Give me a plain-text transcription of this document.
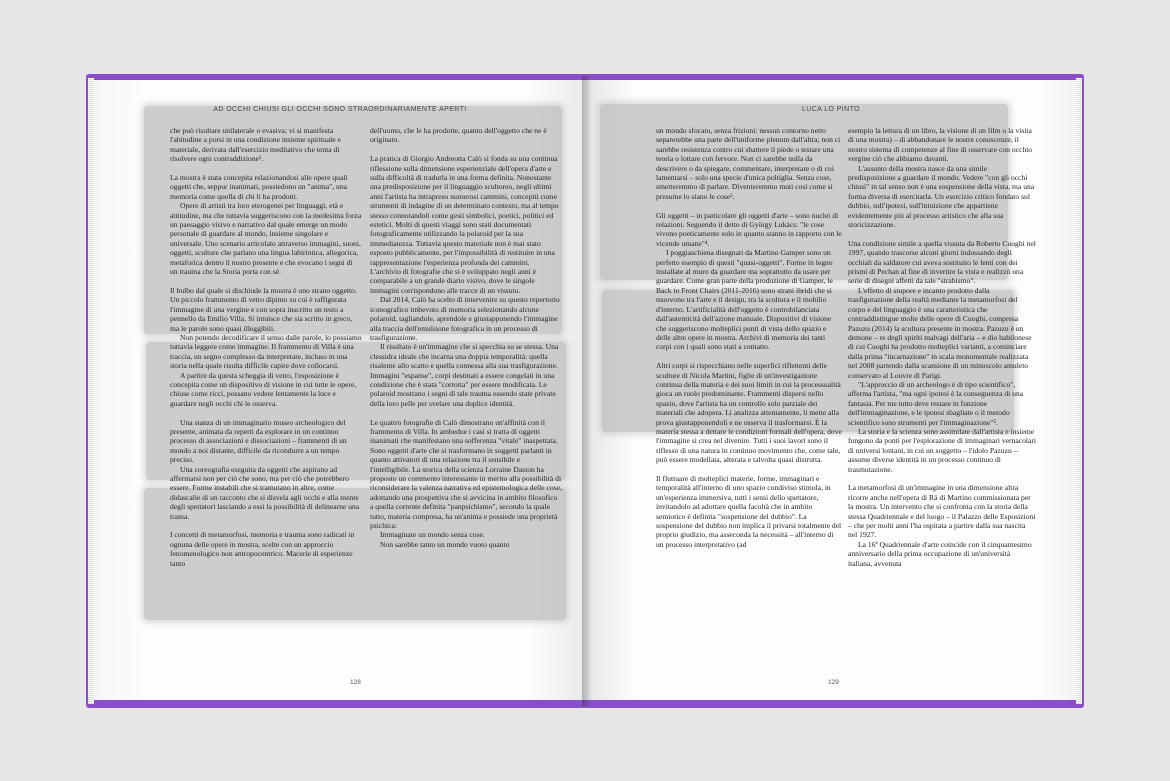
AD OCCHI CHIUSI GLI OCCHI SONO STRAORDINARIAMENTE APERTI

che può risultare unilaterale o evasiva; vi si manifesta l'abitudine a porsi in una condizione insieme spirituale e materiale, derivata dall'esercizio meditativo che tenta di risolvere ogni contraddizione².

La mostra è stata concepita relazionandosi alle opere quali oggetti che, seppur inanimati, possiedono un "anima", una memoria come quella di chi li ha prodotti.

Opere di artisti tra loro eterogenei per linguaggi, età e attitudine, ma che tuttavia suggeriscono con la medesima forza un paesaggio visivo e narrativo dal quale emerge un modo personale di guardare al mondo, insieme singolare e universale. Uno scenario articolato attraverso immagini, suoni, oggetti, sculture che parlano una lingua labirintica, allegorica, metaforica dentro il nostro presente e che evocano i segni di un trauma che la Storia porta con sé.

Il bulbo dal quale si dischiude la mostra è uno strano oggetto. Un piccolo frammento di vetro dipinto su cui è raffigurata l'immagine di una vergine e con sopra inscritto un testo a pennello da Emilio Villa. Si intuisce che sia scritto in greco, ma le parole sono quasi illeggibili.

Non potendo decodificare il senso dalle parole, lo possiamo tuttavia leggere come immagine. Il frammento di Villa è una traccia, un segno complesso da interpretare, incluso in una storia nella quale risulta difficile capire dove collocarsi.

A partire da questa scheggia di vetro, l'esposizione è concepita come un dispositivo di visione in cui tutte le opere, chiuse come ricci, possano vedere lentamente la luce e guardare negli occhi chi le osserva.

Una stanza di un immaginario museo archeologico del presente, animata da reperti da esplorare in un continuo processo di associazioni e dissociazioni – frammenti di un mondo a noi distante, difficile da ricondurre a un tempo preciso.

Una coreografia eseguita da oggetti che aspirano ad affermarsi non per ciò che sono, ma per ciò che potrebbero essere. Forme instabili che si tramutano in altre, come didascalie di un racconto che si disvela agli occhi e alla mente degli spettatori lasciando a essi la possibilità di delinearne una trama.

I concetti di metamorfosi, memoria e trauma sono radicati in ognuna delle opere in mostra, scelte con un approccio fenomenologico non antropocentrico. Macerie di esperienze tanto

dell'uomo, che le ha prodotte, quanto dell'oggetto che ne è originato.

La pratica di Giorgio Andreotta Calò si fonda su una continua riflessione sulla dimensione esperienziale dell'opera d'arte e sulla difficoltà di tradurla in una forma definita. Nonostante una predisposizione per il linguaggio scultoreo, negli ultimi anni l'artista ha intrapreso numerosi cammini, concepiti come strumenti di indagine di un determinato contesto, ma al tempo stesso connotandoli come gesti simbolici, poetici, politici ed estetici. Molti di questi viaggi sono stati documentati fotograficamente utilizzando la polaroid per la sua immediatezza. Tuttavia questo materiale non è mai stato esposto pubblicamente, per l'impossibilità di restituire in una rappresentazione l'esperienza profonda dei cammini. L'archivio di fotografie che si è sviluppato negli anni è comparabile a un grande diario visivo, dove le singole immagini corrispondono alle tracce di un vissuto.

Dal 2014, Calò ha scelto di intervenire su questo repertorio iconografico imbevuto di memoria selezionando alcune polaroid, tagliandole, aprendole e giustapponendo l'immagine alla traccia dell'emulsione fotografica in un processo di trasfigurazione.

Il risultato è un'immagine che si specchia su se stessa. Una clessidra ideale che incarna una doppia temporalità: quella risalente allo scatto e quella connessa alla sua trasfigurazione. Immagini "espanse", corpi destinati a essere congelati in una condizione che è stata "corrotta" per essere modificata. Le polaroid mostrano i segni di tale trauma essendo state private della loro pelle per svelare una duplice identità.

Le quattro fotografie di Calò dimostrano un'affinità con il frammento di Villa. In ambedue i casi si tratta di oggetti inanimati che manifestano una sofferenza "vitale" inaspettata. Sono oggetti d'arte che si trasformano in soggetti parlanti in quanto attivatori di una relazione tra il sensibile e l'intelligibile. La storica della scienza Lorraine Daston ha proposto un commento interessante in merito alla possibilità di riconsiderare la valenza narrativa ed epistemologica delle cose, adottando una prospettiva che si avvicina in ambito filosofico a quella corrente definita "panpsichismo", secondo la quale tutto, materia compresa, ha un'anima e possiede una proprietà psichica:

Immaginate un mondo senza cose.

Non sarebbe tanto un mondo vuoto quanto

128
LUCA LO PINTO

un mondo sfocato, senza frizioni: nessun contorno netto separerebbe una parte dell'uniforme plenum dall'altra; non ci sarebbe resistenza contro cui sbattere il piede o testare una teoria o lottare con fervore. Non ci sarebbe nulla da descrivere o da spiegare, commentare, interpretare o di cui lamentarsi – solo una specie d'unica poltiglia. Senza cose, smetteremmo di parlare. Diventeremmo muti così come si presume lo siano le cose³.

Gli oggetti – in particolare gli oggetti d'arte – sono nuclei di relazioni. Seguendo il detto di György Lukács: "le cose vivono poeticamente solo in quanto stanno in rapporto con le vicende umane"⁴.

I poggiaschiena disegnati da Martino Gamper sono un perfetto esempio di questi "quasi-oggetti". Forme in legno installate al muro da guardare ma soprattutto da usare per guardare. Come gran parte della produzione di Gamper, le Back to Front Chairs (2011-2016) sono strani ibridi che si muovono tra l'arte e il design, tra la scultura e il mobilio d'interno. L'artificialità dell'oggetto è controbilanciata dall'autenticità dell'azione manuale. Dispositivi di visione che suggeriscono molteplici punti di vista dello spazio e delle altre opere in mostra. Archivi di memoria dei tanti corpi con i quali sono stati a contatto.

Altri corpi si rispecchiano nelle superfici riflettenti delle sculture di Nicola Martini, figlie di un'investigazione continua della materia e dei suoi limiti in cui la processualità gioca un ruolo predominante. Frammenti dispersi nello spazio, dove l'artista ha un controllo solo parziale dei materiali che adopera. Li analizza attentamente, li mette alla prova giustapponendoli e ne osserva il trasformarsi. È la materia stessa a dettare le condizioni formali dell'opera, dove l'immagine si crea nel divenire. Tutti i suoi lavori sono il riflesso di una natura in continuo movimento che, come tale, può essere modellata, alterata e talvolta quasi distrutta.

Il fluttuare di molteplici materie, forme, immaginari e temporalità all'interno di uno spazio condiviso stimola, in un'esperienza immersiva, tutti i sensi dello spettatore, invitandolo ad adottare quella facoltà che in ambito semiotico è definita "sospensione del dubbio". La sospensione del dubbio non implica il privarsi totalmente del proprio giudizio, ma asseconda la necessità – all'interno di un processo interpretativo (ad

esempio la lettura di un libro, la visione di un film o la visita di una mostra) – di abbandonare le nostre conoscenze, il nostro sistema di competenze al fine di osservare con occhio vergine ciò che abbiamo davanti.

L'assunto della mostra nasce da una simile predisposizione a guardare il mondo. Vedere "con gli occhi chiusi" in tal senso non è una sospensione della vista, ma una forma diversa di esercitarla. Un esercizio critico fondato sul dubbio, sull'ipotesi, sull'intuizione che appartiene evidentemente più al processo artistico che alla sua storicizzazione.

Una condizione simile a quella vissuta da Roberto Cuoghi nel 1997, quando trascorse alcuni giorni indossando degli occhiali da saldatore cui aveva sostituito le lenti con dei prismi di Pechan al fine di invertire la vista e realizzò una serie di disegni affetti da tale "strabismo".

L'effetto di stupore e incanto prodotto dalla trasfigurazione della realtà mediante la metamorfosi del corpo e del linguaggio è una caratteristica che contraddistingue molte delle opere di Cuoghi, compresa Pazuzu (2014) la scultura presente in mostra. Pazuzu è un demone – re degli spiriti malvagi dell'aria – e dio babilonese di cui Cuoghi ha prodotto molteplici varianti, a cominciare dalla prima "incarnazione" in scala monumentale realizzata nel 2008 partendo dalla scansione di un minuscolo amuleto conservato al Louvre di Parigi.

"L'approccio di un archeologo è di tipo scientifico", afferma l'artista, "ma ogni ipotesi è la conseguenza di una fantasia. Per me tutto deve restare in funzione dell'immaginazione, e le ipotesi sbagliate o il metodo scientifico sono strumenti per l'immaginazione"⁵.

La storia e la scienza sono assimilate dall'artista e insieme fungono da ponti per l'esplorazione di immaginari vernacolari di universi lontani, in cui un soggetto – l'idolo Pazuzu – assume diverse identità in un processo continuo di trasmutazione.

La metamorfosi di un'immagine in una dimensione altra ricorre anche nell'opera di Rä di Martino commissionata per la mostra. Un intervento che si confronta con la storia della stessa Quadriennale e del luogo – il Palazzo delle Esposizioni – che per molti anni l'ha ospitata a partire dalla sua nascita nel 1927.

La 16ª Quadriennale d'arte coincide con il cinquantesimo anniversario della prima occupazione di un'università italiana, avvenuta

129
